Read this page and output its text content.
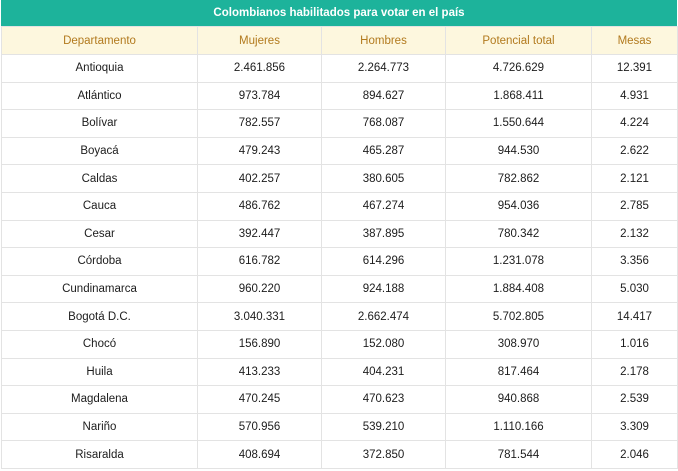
Colombianos habilitados para votar en el país
Departamento	Mujeres	Hombres	Potencial total	Mesas
Antioquia	2.461.856	2.264.773	4.726.629	12.391
Atlántico	973.784	894.627	1.868.411	4.931
Bolívar	782.557	768.087	1.550.644	4.224
Boyacá	479.243	465.287	944.530	2.622
Caldas	402.257	380.605	782.862	2.121
Cauca	486.762	467.274	954.036	2.785
Cesar	392.447	387.895	780.342	2.132
Córdoba	616.782	614.296	1.231.078	3.356
Cundinamarca	960.220	924.188	1.884.408	5.030
Bogotá D.C.	3.040.331	2.662.474	5.702.805	14.417
Chocó	156.890	152.080	308.970	1.016
Huila	413.233	404.231	817.464	2.178
Magdalena	470.245	470.623	940.868	2.539
Nariño	570.956	539.210	1.110.166	3.309
Risaralda	408.694	372.850	781.544	2.046
